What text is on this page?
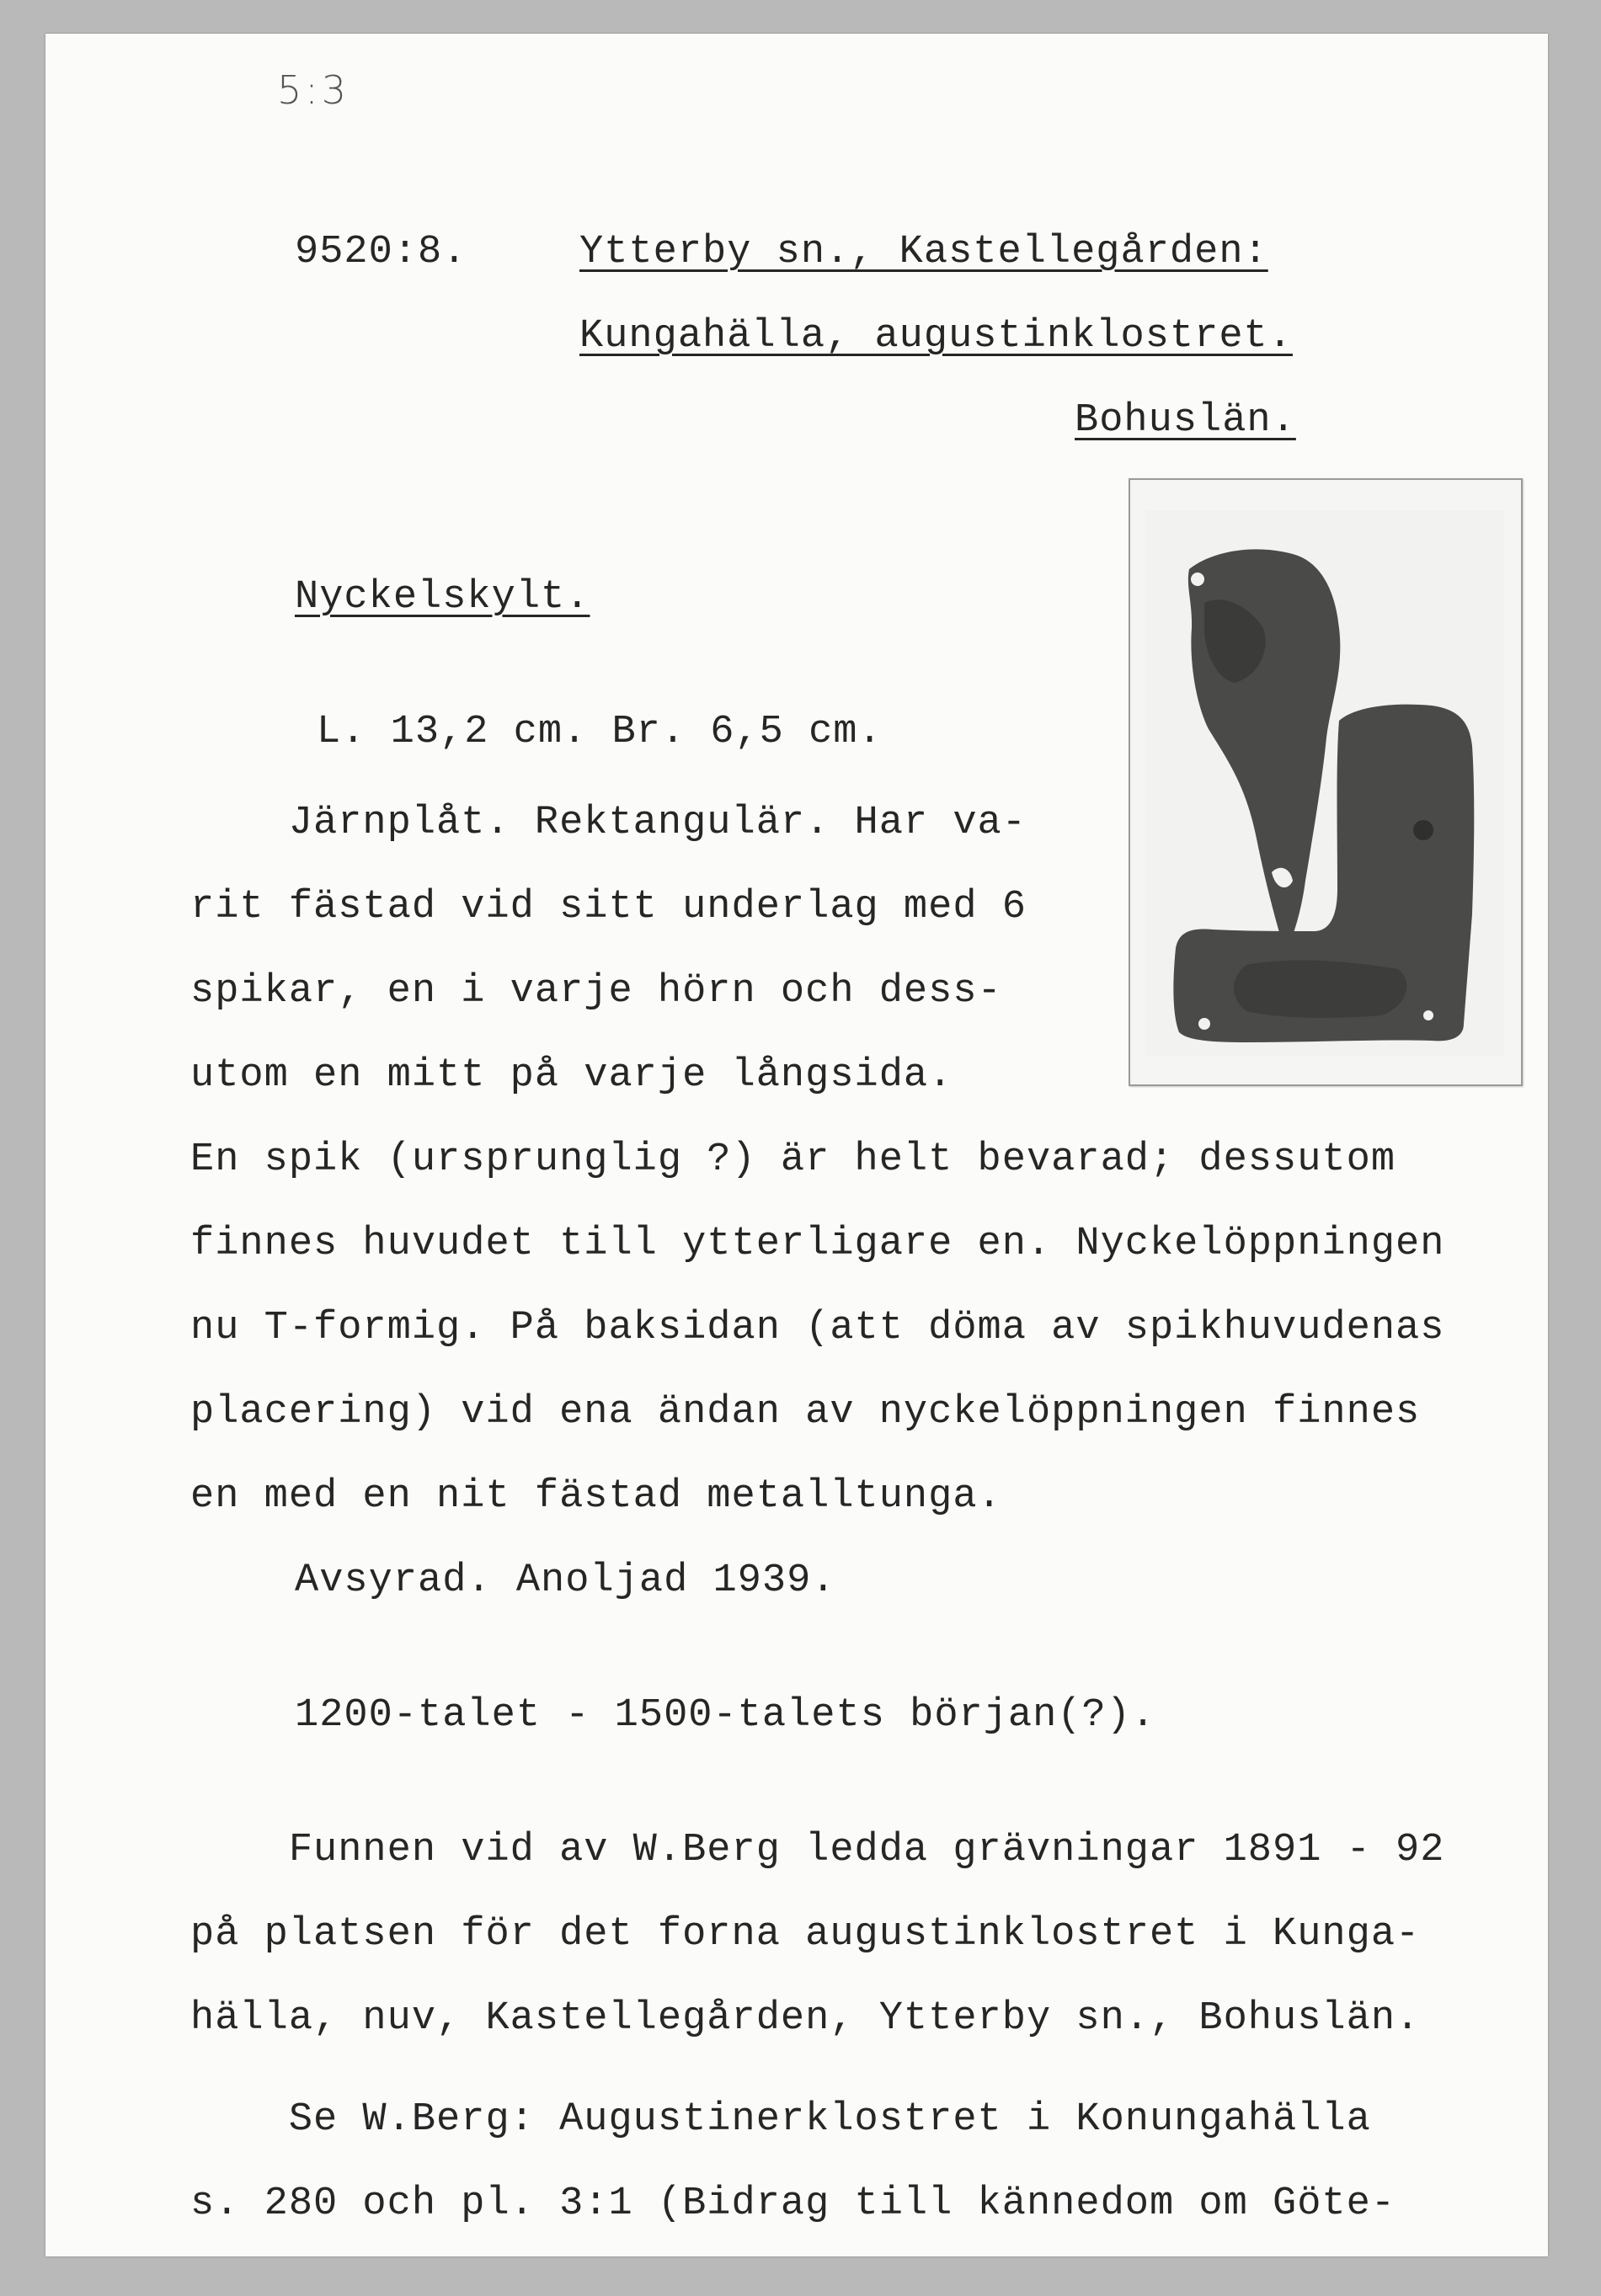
5:3
9520:8.	Ytterby sn., Kastellegården:
Kungahälla, augustinklostret.
Bohuslän.
Nyckelskylt.
L. 13,2 cm. Br. 6,5 cm.
Järnplåt. Rektangulär. Har va-
rit fästad vid sitt underlag med 6
spikar, en i varje hörn och dess-
utom en mitt på varje långsida.
En spik (ursprunglig ?) är helt bevarad; dessutom
finnes huvudet till ytterligare en. Nyckelöppningen
nu T-formig. På baksidan (att döma av spikhuvudenas
placering) vid ena ändan av nyckelöppningen finnes
en med en nit fästad metalltunga.
Avsyrad. Anoljad 1939.
1200-talet - 1500-talets början(?).
Funnen vid av W.Berg ledda grävningar 1891 - 92
på platsen för det forna augustinklostret i Kunga-
hälla, nuv, Kastellegården, Ytterby sn., Bohuslän.
Se W.Berg: Augustinerklostret i Konungahälla
s. 280 och pl. 3:1 (Bidrag till kännedom om Göte-
